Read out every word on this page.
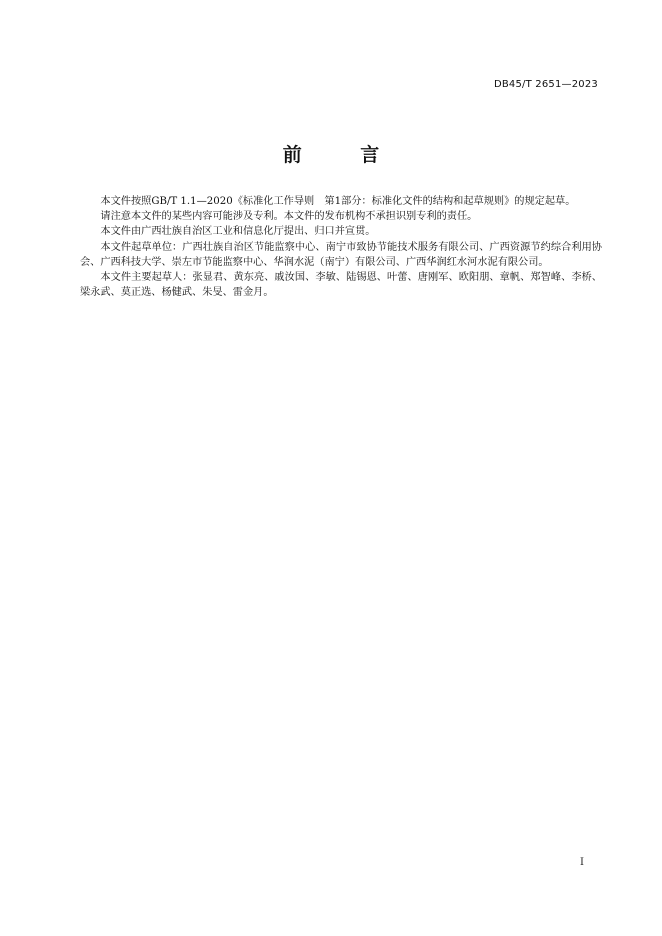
DB45/T 2651—2023
前 言

本文件按照GB/T 1.1—2020《标准化工作导则　第1部分：标准化文件的结构和起草规则》的规定起草。

请注意本文件的某些内容可能涉及专利。本文件的发布机构不承担识别专利的责任。

本文件由广西壮族自治区工业和信息化厅提出、归口并宣贯。

本文件起草单位：广西壮族自治区节能监察中心、南宁市致协节能技术服务有限公司、广西资源节约综合利用协会、广西科技大学、崇左市节能监察中心、华润水泥（南宁）有限公司、广西华润红水河水泥有限公司。

本文件主要起草人：张显君、黄东亮、戚汝国、李敏、陆锡恩、叶蕾、唐刚军、欧阳朋、章帆、郑智峰、李桥、梁永武、莫正选、杨健武、朱旻、雷金月。

I
